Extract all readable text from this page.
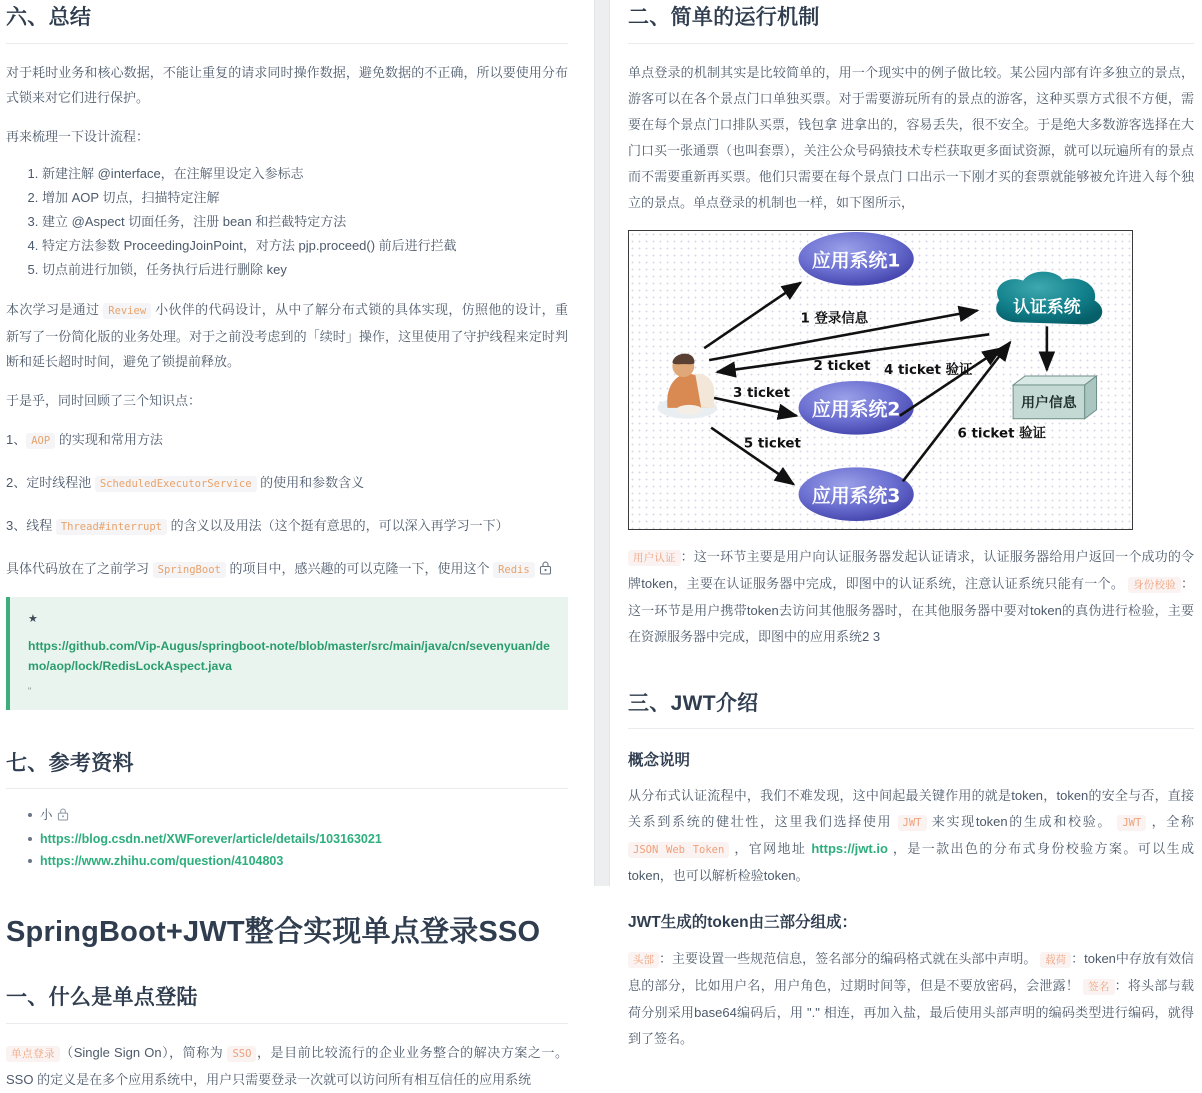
六、总结

对于耗时业务和核心数据，不能让重复的请求同时操作数据，避免数据的不正确，所以要使用分布式锁来对它们进行保护。

再来梳理一下设计流程：

1. 新建注解 @interface，在注解里设定入参标志
2. 增加 AOP 切点，扫描特定注解
3. 建立 @Aspect 切面任务，注册 bean 和拦截特定方法
4. 特定方法参数 ProceedingJoinPoint，对方法 pjp.proceed() 前后进行拦截
5. 切点前进行加锁，任务执行后进行删除 key

本次学习是通过 Review 小伙伴的代码设计，从中了解分布式锁的具体实现，仿照他的设计，重新写了一份简化版的业务处理。对于之前没考虑到的「续时」操作，这里使用了守护线程来定时判断和延长超时时间，避免了锁提前释放。

于是乎，同时回顾了三个知识点：

1、 AOP 的实现和常用方法

2、定时线程池 ScheduledExecutorService 的使用和参数含义

3、线程 Thread#interrupt 的含义以及用法（这个挺有意思的，可以深入再学习一下）

具体代码放在了之前学习 SpringBoot 的项目中，感兴趣的可以克隆一下，使用这个 Redis

★
https://github.com/Vip-Augus/springboot-note/blob/master/src/main/java/cn/sevenyuan/demo/aop/lock/RedisLockAspect.java
"
七、参考资料
小
https://blog.csdn.net/XWForever/article/details/103163021
https://www.zhihu.com/question/4104803
SpringBoot+JWT整合实现单点登录SSO
一、什么是单点登陆

单点登录 （Single Sign On），简称为 SSO ，是目前比较流行的企业业务整合的解决方案之一。SSO 的定义是在多个应用系统中，用户只需要登录一次就可以访问所有相互信任的应用系统

二、简单的运行机制

单点登录的机制其实是比较简单的，用一个现实中的例子做比较。某公园内部有许多独立的景点，游客可以在各个景点门口单独买票。对于需要游玩所有的景点的游客，这种买票方式很不方便，需要在每个景点门口排队买票，钱包拿 进拿出的，容易丢失，很不安全。于是绝大多数游客选择在大门口买一张通票（也叫套票），关注公众号码猿技术专栏获取更多面试资源，就可以玩遍所有的景点而不需要重新再买票。他们只需要在每个景点门 口出示一下刚才买的套票就能够被允许进入每个独立的景点。单点登录的机制也一样，如下图所示，

应用系统1
应用系统2
应用系统3
认证系统
用户信息
1 登录信息
2 ticket
3 ticket
4 ticket 验证
5 ticket
6 ticket 验证

用户认证 ：这一环节主要是用户向认证服务器发起认证请求，认证服务器给用户返回一个成功的令牌token，主要在认证服务器中完成，即图中的认证系统，注意认证系统只能有一个。 身份校验 ：这一环节是用户携带token去访问其他服务器时，在其他服务器中要对token的真伪进行检验，主要在资源服务器中完成，即图中的应用系统2 3

三、JWT介绍
概念说明

从分布式认证流程中，我们不难发现，这中间起最关键作用的就是token，token的安全与否，直接关系到系统的健壮性，这里我们选择使用 JWT 来实现token的生成和校验。 JWT ，全称 JSON Web Token ，官网地址 https://jwt.io ，是一款出色的分布式身份校验方案。可以生成token，也可以解析检验token。

JWT生成的token由三部分组成：

头部 ：主要设置一些规范信息，签名部分的编码格式就在头部中声明。 载荷 ：token中存放有效信息的部分，比如用户名，用户角色，过期时间等，但是不要放密码，会泄露！ 签名 ：将头部与载荷分别采用base64编码后，用 "." 相连，再加入盐，最后使用头部声明的编码类型进行编码，就得到了签名。
